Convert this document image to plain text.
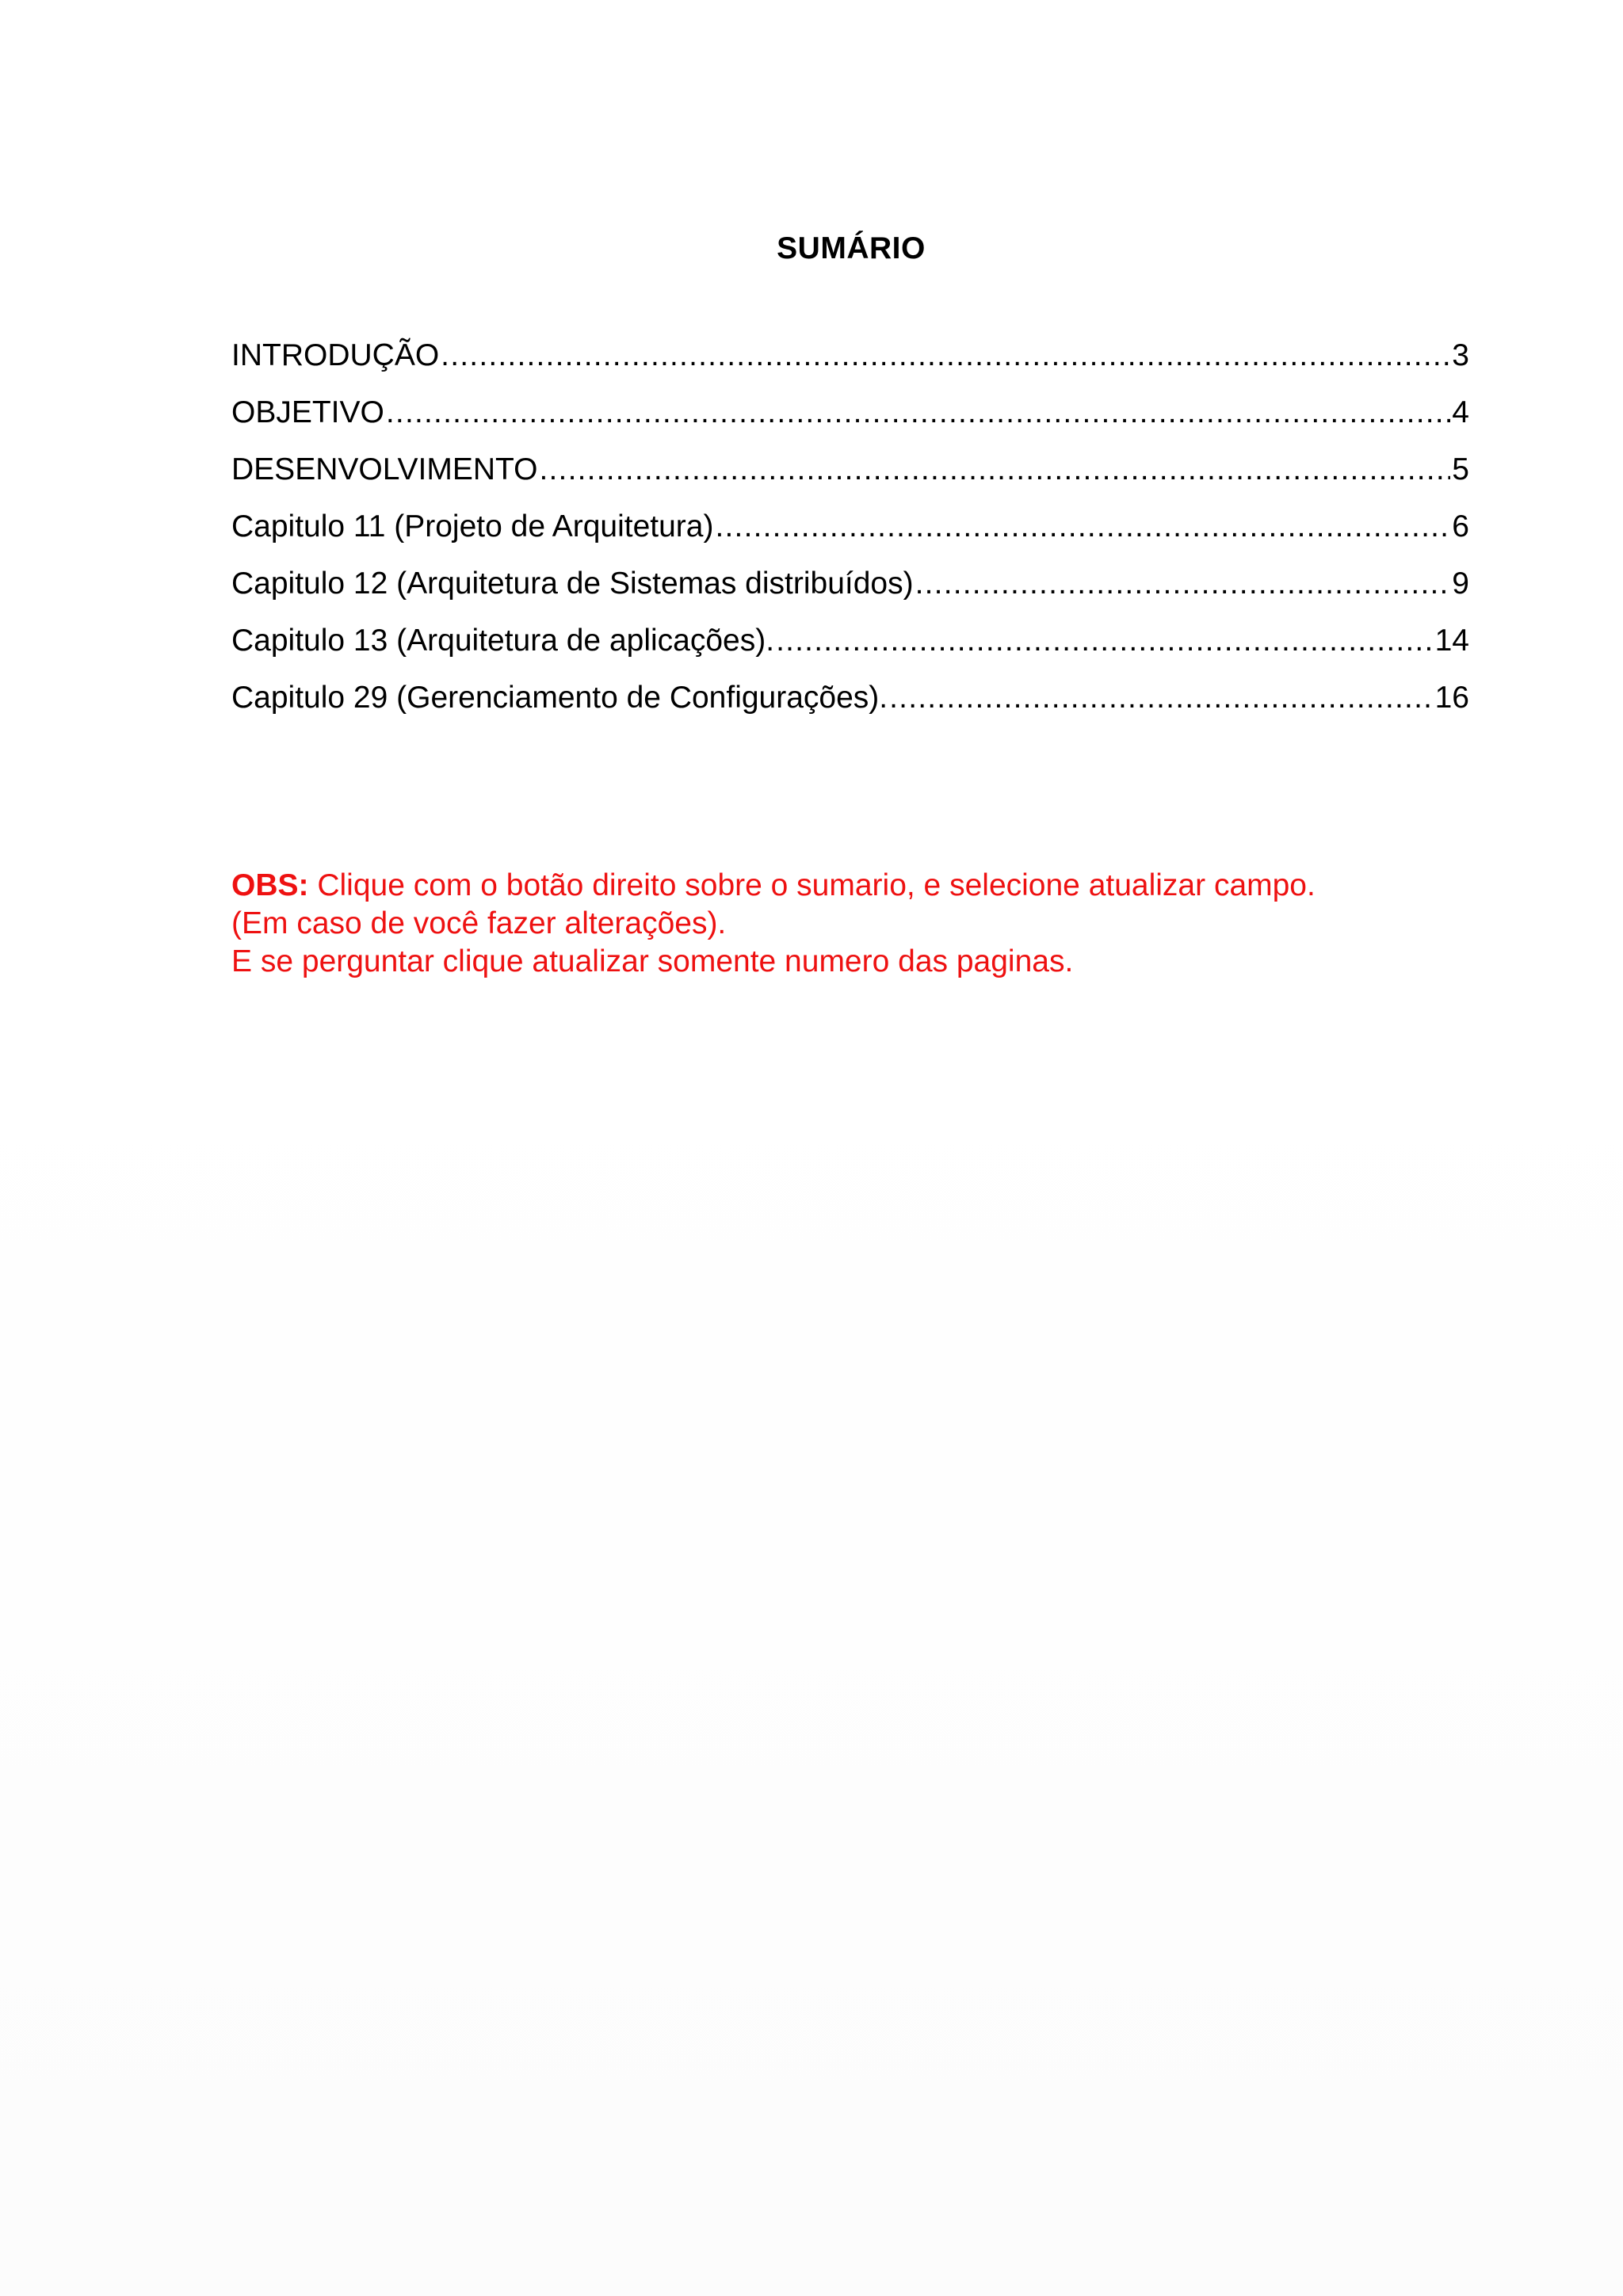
SUMÁRIO
INTRODUÇÃO .....	3
OBJETIVO .....	4
DESENVOLVIMENTO .....	5
Capitulo 11 (Projeto de Arquitetura) .....	6
Capitulo 12 (Arquitetura de Sistemas distribuídos) .....	9
Capitulo 13 (Arquitetura de aplicações). .....	14
Capitulo 29 (Gerenciamento de Configurações). .....	16
OBS: Clique com o botão direito sobre o sumario, e selecione atualizar campo.
(Em caso de você fazer alterações).
E se perguntar clique atualizar somente numero das paginas.
